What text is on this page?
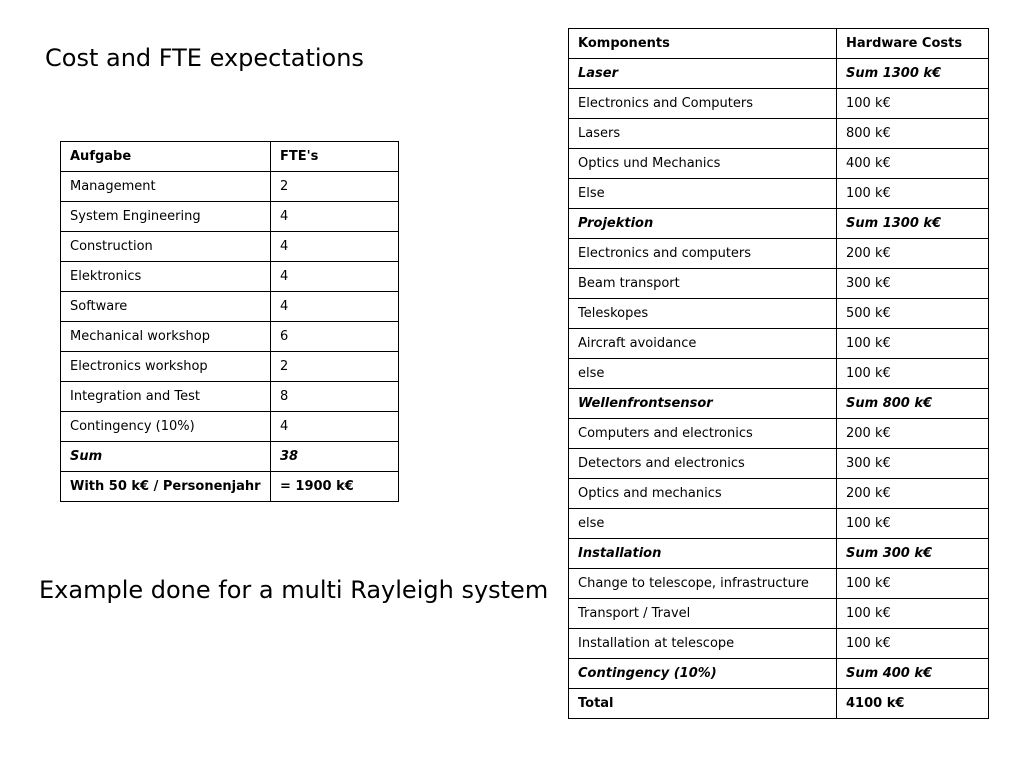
Cost and FTE expectations
Aufgabe	FTE's
Management	2
System Engineering	4
Construction	4
Elektronics	4
Software	4
Mechanical workshop	6
Electronics workshop	2
Integration and Test	8
Contingency (10%)	4
Sum	38
With 50 k€ / Personenjahr	= 1900 k€
Example done for a multi Rayleigh system
Komponents	Hardware Costs
Laser	Sum 1300 k€
Electronics and Computers	100 k€
Lasers	800 k€
Optics und Mechanics	400 k€
Else	100 k€
Projektion	Sum 1300 k€
Electronics and computers	200 k€
Beam transport	300 k€
Teleskopes	500 k€
Aircraft avoidance	100 k€
else	100 k€
Wellenfrontsensor	Sum 800 k€
Computers and electronics	200 k€
Detectors and electronics	300 k€
Optics and mechanics	200 k€
else	100 k€
Installation	Sum 300 k€
Change to telescope, infrastructure	100 k€
Transport / Travel	100 k€
Installation at telescope	100 k€
Contingency (10%)	Sum 400 k€
Total	4100 k€
